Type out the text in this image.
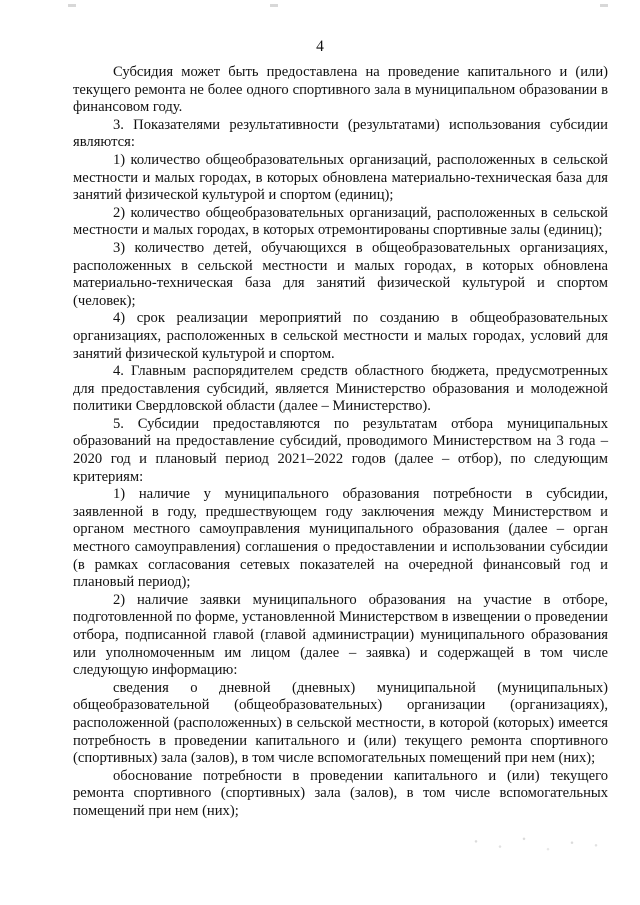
4

Субсидия может быть предоставлена на проведение капитального и (или) текущего ремонта не более одного спортивного зала в муниципальном образовании в финансовом году.

3. Показателями результативности (результатами) использования субсидии являются:

1) количество общеобразовательных организаций, расположенных в сельской местности и малых городах, в которых обновлена материально-техническая база для занятий физической культурой и спортом (единиц);

2) количество общеобразовательных организаций, расположенных в сельской местности и малых городах, в которых отремонтированы спортивные залы (единиц);

3) количество детей, обучающихся в общеобразовательных организациях, расположенных в сельской местности и малых городах, в которых обновлена материально-техническая база для занятий физической культурой и спортом (человек);

4) срок реализации мероприятий по созданию в общеобразовательных организациях, расположенных в сельской местности и малых городах, условий для занятий физической культурой и спортом.

4. Главным распорядителем средств областного бюджета, предусмотренных для предоставления субсидий, является Министерство образования и молодежной политики Свердловской области (далее – Министерство).

5. Субсидии предоставляются по результатам отбора муниципальных образований на предоставление субсидий, проводимого Министерством на 3 года – 2020 год и плановый период 2021–2022 годов (далее – отбор), по следующим критериям:

1) наличие у муниципального образования потребности в субсидии, заявленной в году, предшествующем году заключения между Министерством и органом местного самоуправления муниципального образования (далее – орган местного самоуправления) соглашения о предоставлении и использовании субсидии (в рамках согласования сетевых показателей на очередной финансовый год и плановый период);

2) наличие заявки муниципального образования на участие в отборе, подготовленной по форме, установленной Министерством в извещении о проведении отбора, подписанной главой (главой администрации) муниципального образования или уполномоченным им лицом (далее – заявка) и содержащей в том числе следующую информацию:

сведения о дневной (дневных) муниципальной (муниципальных) общеобразовательной (общеобразовательных) организации (организациях), расположенной (расположенных) в сельской местности, в которой (которых) имеется потребность в проведении капитального и (или) текущего ремонта спортивного (спортивных) зала (залов), в том числе вспомогательных помещений при нем (них);

обоснование потребности в проведении капитального и (или) текущего ремонта спортивного (спортивных) зала (залов), в том числе вспомогательных помещений при нем (них);
